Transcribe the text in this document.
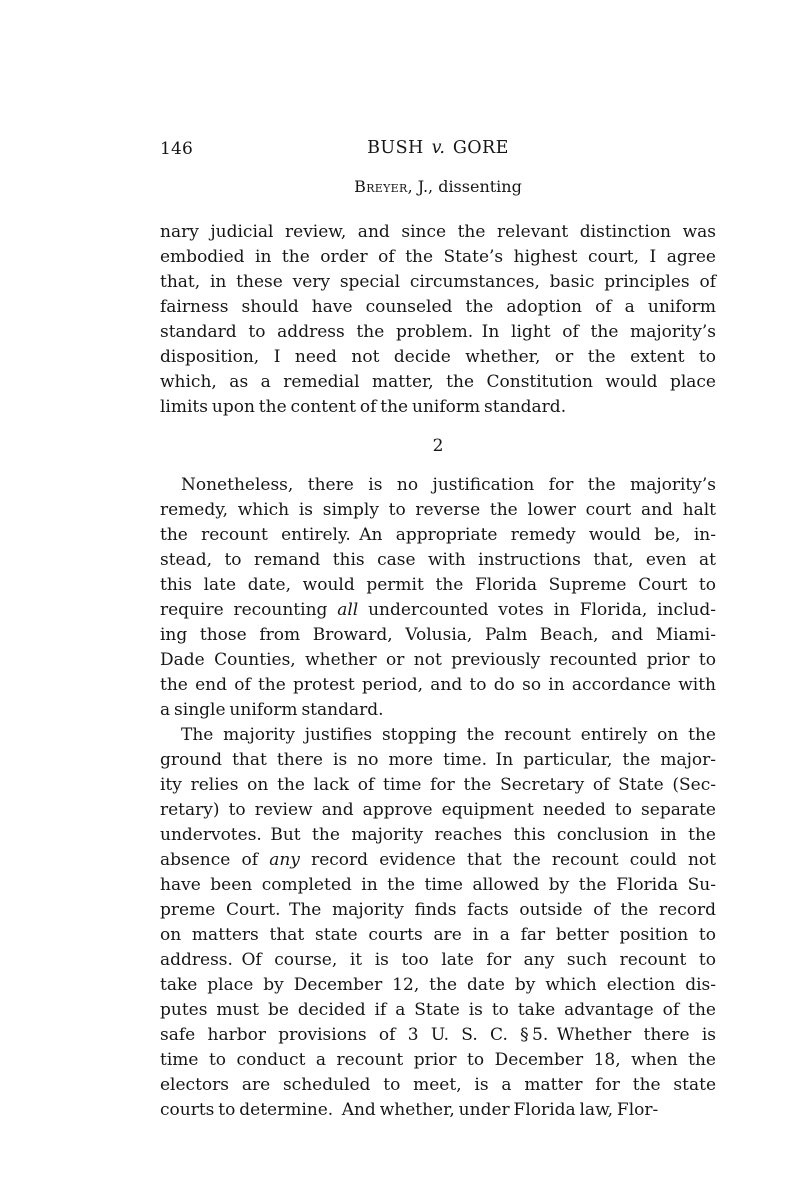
146	BUSH v. GORE
Breyer, J., dissenting
nary judicial review, and since the relevant distinction was
embodied in the order of the State’s highest court, I agree
that, in these very special circumstances, basic principles of
fairness should have counseled the adoption of a uniform
standard to address the problem. In light of the majority’s
disposition, I need not decide whether, or the extent to
which, as a remedial matter, the Constitution would place
limits upon the content of the uniform standard.
2
Nonetheless, there is no justification for the majority’s
remedy, which is simply to reverse the lower court and halt
the recount entirely. An appropriate remedy would be, in-
stead, to remand this case with instructions that, even at
this late date, would permit the Florida Supreme Court to
require recounting all undercounted votes in Florida, includ-
ing those from Broward, Volusia, Palm Beach, and Miami-
Dade Counties, whether or not previously recounted prior to
the end of the protest period, and to do so in accordance with
a single uniform standard.
The majority justifies stopping the recount entirely on the
ground that there is no more time. In particular, the major-
ity relies on the lack of time for the Secretary of State (Sec-
retary) to review and approve equipment needed to separate
undervotes. But the majority reaches this conclusion in the
absence of any record evidence that the recount could not
have been completed in the time allowed by the Florida Su-
preme Court. The majority finds facts outside of the record
on matters that state courts are in a far better position to
address. Of course, it is too late for any such recount to
take place by December 12, the date by which election dis-
putes must be decided if a State is to take advantage of the
safe harbor provisions of 3 U. S. C. § 5. Whether there is
time to conduct a recount prior to December 18, when the
electors are scheduled to meet, is a matter for the state
courts to determine. And whether, under Florida law, Flor-
